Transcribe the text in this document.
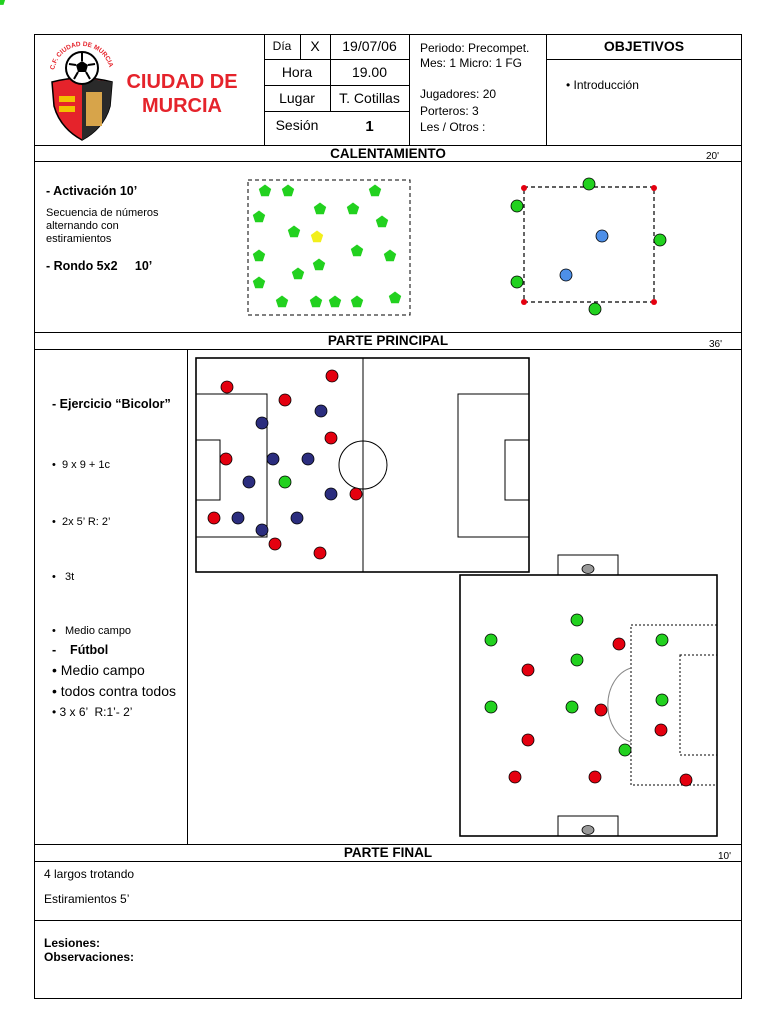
C.F. CIUDAD DE MURCIA
CIUDAD DE
MURCIA
Día	X	19/07/06
Hora	19.00
Lugar	T. Cotillas
Sesión	1
Periodo: Precompet.
Mes: 1 Micro: 1 FG
Jugadores: 20
Porteros: 3
Les / Otros :
OBJETIVOS
• Introducción
CALENTAMIENTO	20'
- Activación 10’
Secuencia de números
alternando con
estiramientos
- Rondo 5x2     10’
PARTE PRINCIPAL	36'
- Ejercicio “Bicolor”

•  9 x 9 + 1c

•  2x 5’ R: 2’

•   3t

•   Medio campo

-    Fútbol
• Medio campo
• todos contra todos
• 3 x 6’  R:1’- 2’
PARTE FINAL	10'
4 largos trotando
Estiramientos 5’
Lesiones:
Observaciones:
